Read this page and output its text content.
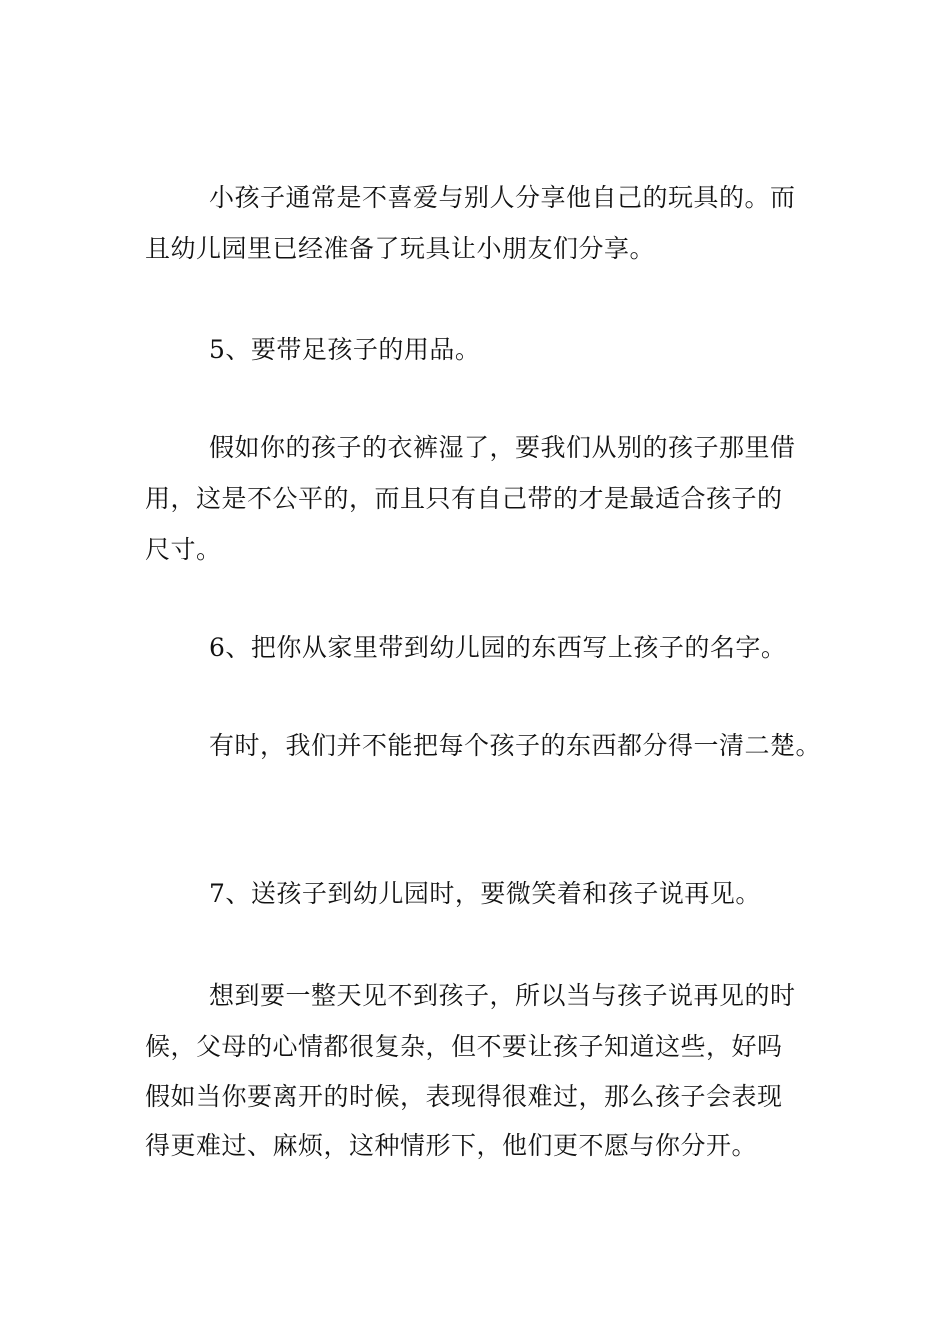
小孩子通常是不喜爱与别人分享他自己的玩具的。而
且幼儿园里已经准备了玩具让小朋友们分享。
5、要带足孩子的用品。
假如你的孩子的衣裤湿了，要我们从别的孩子那里借
用，这是不公平的，而且只有自己带的才是最适合孩子的
尺寸。
6、把你从家里带到幼儿园的东西写上孩子的名字。
有时，我们并不能把每个孩子的东西都分得一清二楚。
7、送孩子到幼儿园时，要微笑着和孩子说再见。
想到要一整天见不到孩子，所以当与孩子说再见的时
候，父母的心情都很复杂，但不要让孩子知道这些，好吗
假如当你要离开的时候，表现得很难过，那么孩子会表现
得更难过、麻烦，这种情形下，他们更不愿与你分开。
